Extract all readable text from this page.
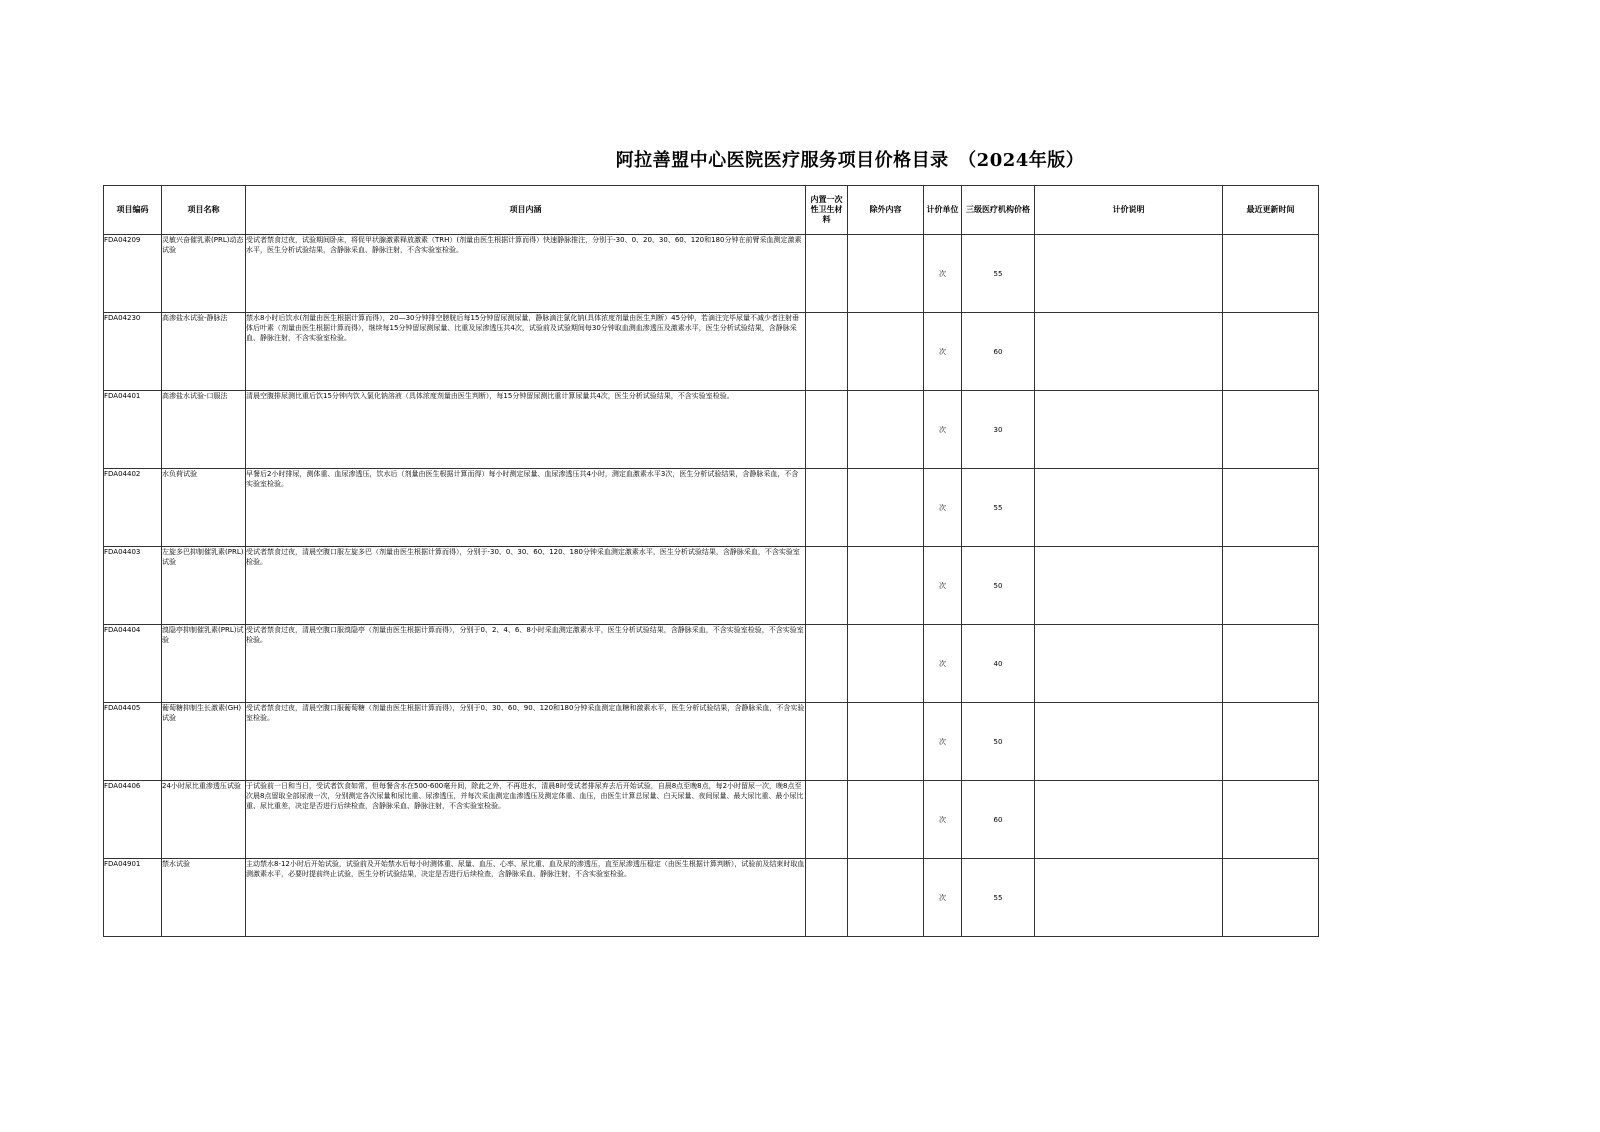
阿拉善盟中心医院医疗服务项目价格目录　（2024年版）
项目编码	项目名称	项目内涵	内置一次性卫生材料	除外内容	计价单位	三级医疗机构价格	计价说明	最近更新时间

FDA04209	灵敏兴奋催乳素(PRL)动态试验	受试者禁食过夜，试验期间卧床，将促甲状腺激素释放激素（TRH）(剂量由医生根据计算而得）快速静脉推注，分别于-30、0、20、30、60、120和180分钟在前臂采血测定激素水平，医生分析试验结果，含静脉采血、静脉注射，不含实验室检验。			次	55		

FDA04230	高渗盐水试验-静脉法	禁水8小时后饮水(剂量由医生根据计算而得），20—30分钟排空膀胱后每15分钟留尿测尿量，静脉滴注氯化钠(具体浓度剂量由医生判断）45分钟，若滴注完毕尿量不减少者注射垂体后叶素（剂量由医生根据计算而得），继续每15分钟留尿测尿量、比重及尿渗透压共4次，试验前及试验期间每30分钟取血测血渗透压及激素水平，医生分析试验结果，含静脉采血、静脉注射，不含实验室检验。			次	60		

FDA04401	高渗盐水试验-口服法	清晨空腹排尿测比重后饮15分钟内饮入氯化钠溶液（具体浓度剂量由医生判断），每15分钟留尿测比重计算尿量共4次，医生分析试验结果，不含实验室检验。			次	30		

FDA04402	水负荷试验	早餐后2小时排尿，测体重、血尿渗透压，饮水后（剂量由医生根据计算而得）每小时测定尿量、血尿渗透压共4小时，测定血激素水平3次，医生分析试验结果，含静脉采血，不含实验室检验。			次	55		

FDA04403	左旋多巴抑制催乳素(PRL)试验	受试者禁食过夜，清晨空腹口服左旋多巴（剂量由医生根据计算而得），分别于-30、0、30、60、120、180分钟采血测定激素水平，医生分析试验结果，含静脉采血，不含实验室检验。			次	50		

FDA04404	溴隐亭抑制催乳素(PRL)试验	受试者禁食过夜，清晨空腹口服溴隐亭（剂量由医生根据计算而得），分别于0、2、4、6、8小时采血测定激素水平，医生分析试验结果，含静脉采血，不含实验室检验，不含实验室检验。			次	40		

FDA04405	葡萄糖抑制生长激素(GH)试验	受试者禁食过夜，清晨空腹口服葡萄糖（剂量由医生根据计算而得），分别于0、30、60、90、120和180分钟采血测定血糖和激素水平，医生分析试验结果，含静脉采血，不含实验室检验。			次	50		

FDA04406	24小时尿比重渗透压试验	于试验前一日和当日，受试者饮食如常，但每餐含水在500-600毫升间，除此之外，不再进水，清晨8时受试者排尿弃去后开始试验，自晨8点至晚8点，每2小时留尿一次，晚8点至次晨8点留取全部尿液一次，分别测定各次尿量和尿比重、尿渗透压，并每次采血测定血渗透压及测定体重、血压，由医生计算总尿量、白天尿量、夜间尿量、最大尿比重、最小尿比重、尿比重差，决定是否进行后续检查，含静脉采血、静脉注射，不含实验室检验。			次	60		

FDA04901	禁水试验	主动禁水8-12小时后开始试验，试验前及开始禁水后每小时测体重、尿量、血压、心率、尿比重、血及尿的渗透压，直至尿渗透压稳定（由医生根据计算判断），试验前及结束时取血测激素水平，必要时提前终止试验，医生分析试验结果，决定是否进行后续检查，含静脉采血、静脉注射，不含实验室检验。			次	55		
